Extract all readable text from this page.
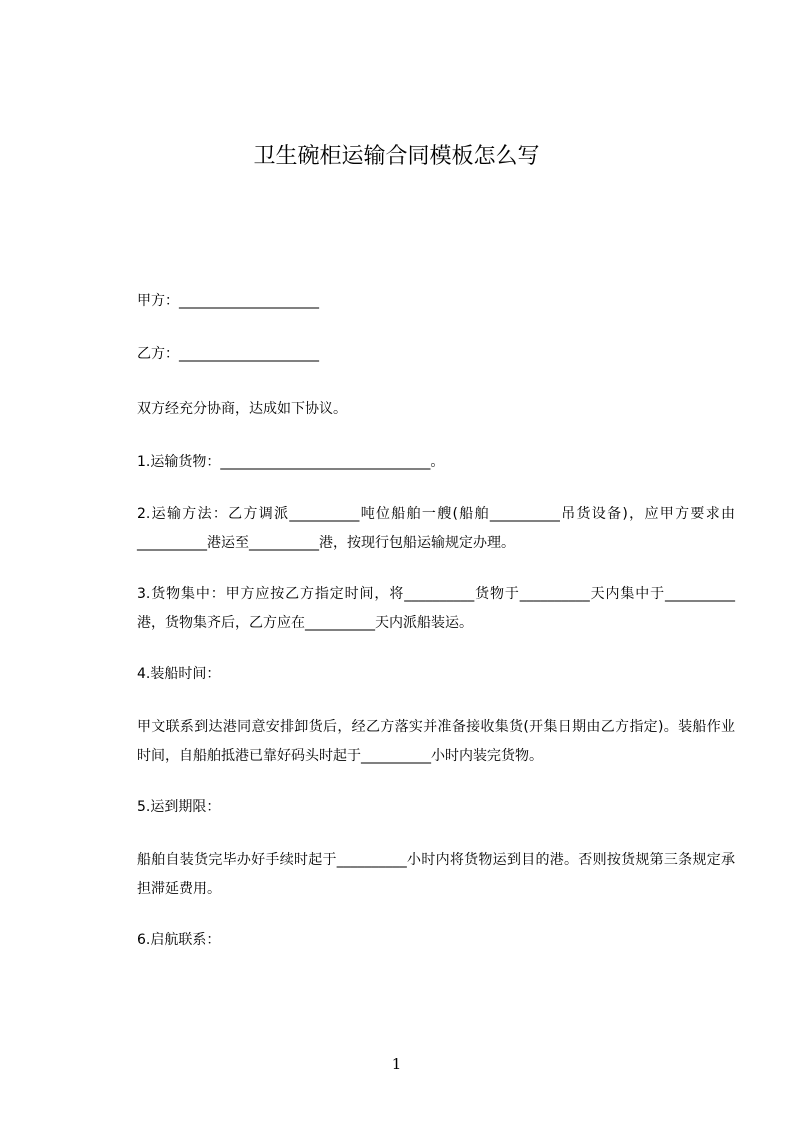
卫生碗柜运输合同模板怎么写

甲方：____________________

乙方：____________________

双方经充分协商，达成如下协议。

1.运输货物：______________________________。

2.运输方法：乙方调派__________吨位船舶一艘(船舶__________吊货设备)，应甲方要求由__________港运至__________港，按现行包船运输规定办理。

3.货物集中：甲方应按乙方指定时间，将__________货物于__________天内集中于__________港，货物集齐后，乙方应在__________天内派船装运。

4.装船时间：

甲文联系到达港同意安排卸货后，经乙方落实并准备接收集货(开集日期由乙方指定)。装船作业时间，自船舶抵港已靠好码头时起于__________小时内装完货物。

5.运到期限：

船舶自装货完毕办好手续时起于__________小时内将货物运到目的港。否则按货规第三条规定承担滞延费用。

6.启航联系：

1
